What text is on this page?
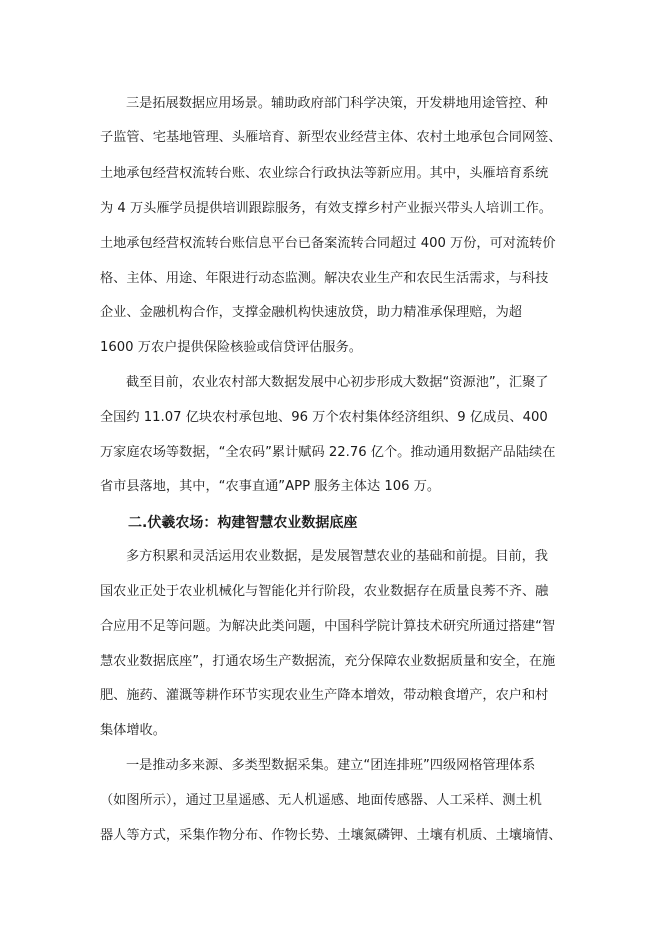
三是拓展数据应用场景。辅助政府部门科学决策，开发耕地用途管控、种
子监管、宅基地管理、头雁培育、新型农业经营主体、农村土地承包合同网签、
土地承包经营权流转台账、农业综合行政执法等新应用。其中，头雁培育系统
为 4 万头雁学员提供培训跟踪服务，有效支撑乡村产业振兴带头人培训工作。
土地承包经营权流转台账信息平台已备案流转合同超过 400 万份，可对流转价
格、主体、用途、年限进行动态监测。解决农业生产和农民生活需求，与科技
企业、金融机构合作，支撑金融机构快速放贷，助力精准承保理赔，为超
1600 万农户提供保险核验或信贷评估服务。
截至目前，农业农村部大数据发展中心初步形成大数据“资源池”，汇聚了
全国约 11.07 亿块农村承包地、96 万个农村集体经济组织、9 亿成员、400
万家庭农场等数据，“全农码”累计赋码 22.76 亿个。推动通用数据产品陆续在
省市县落地，其中，“农事直通”APP 服务主体达 106 万。
二.伏羲农场：构建智慧农业数据底座
多方积累和灵活运用农业数据，是发展智慧农业的基础和前提。目前，我
国农业正处于农业机械化与智能化并行阶段，农业数据存在质量良莠不齐、融
合应用不足等问题。为解决此类问题，中国科学院计算技术研究所通过搭建“智
慧农业数据底座”，打通农场生产数据流，充分保障农业数据质量和安全，在施
肥、施药、灌溉等耕作环节实现农业生产降本增效，带动粮食增产，农户和村
集体增收。
一是推动多来源、多类型数据采集。建立“团连排班”四级网格管理体系
（如图所示），通过卫星遥感、无人机遥感、地面传感器、人工采样、测土机
器人等方式，采集作物分布、作物长势、土壤氮磷钾、土壤有机质、土壤墒情、
